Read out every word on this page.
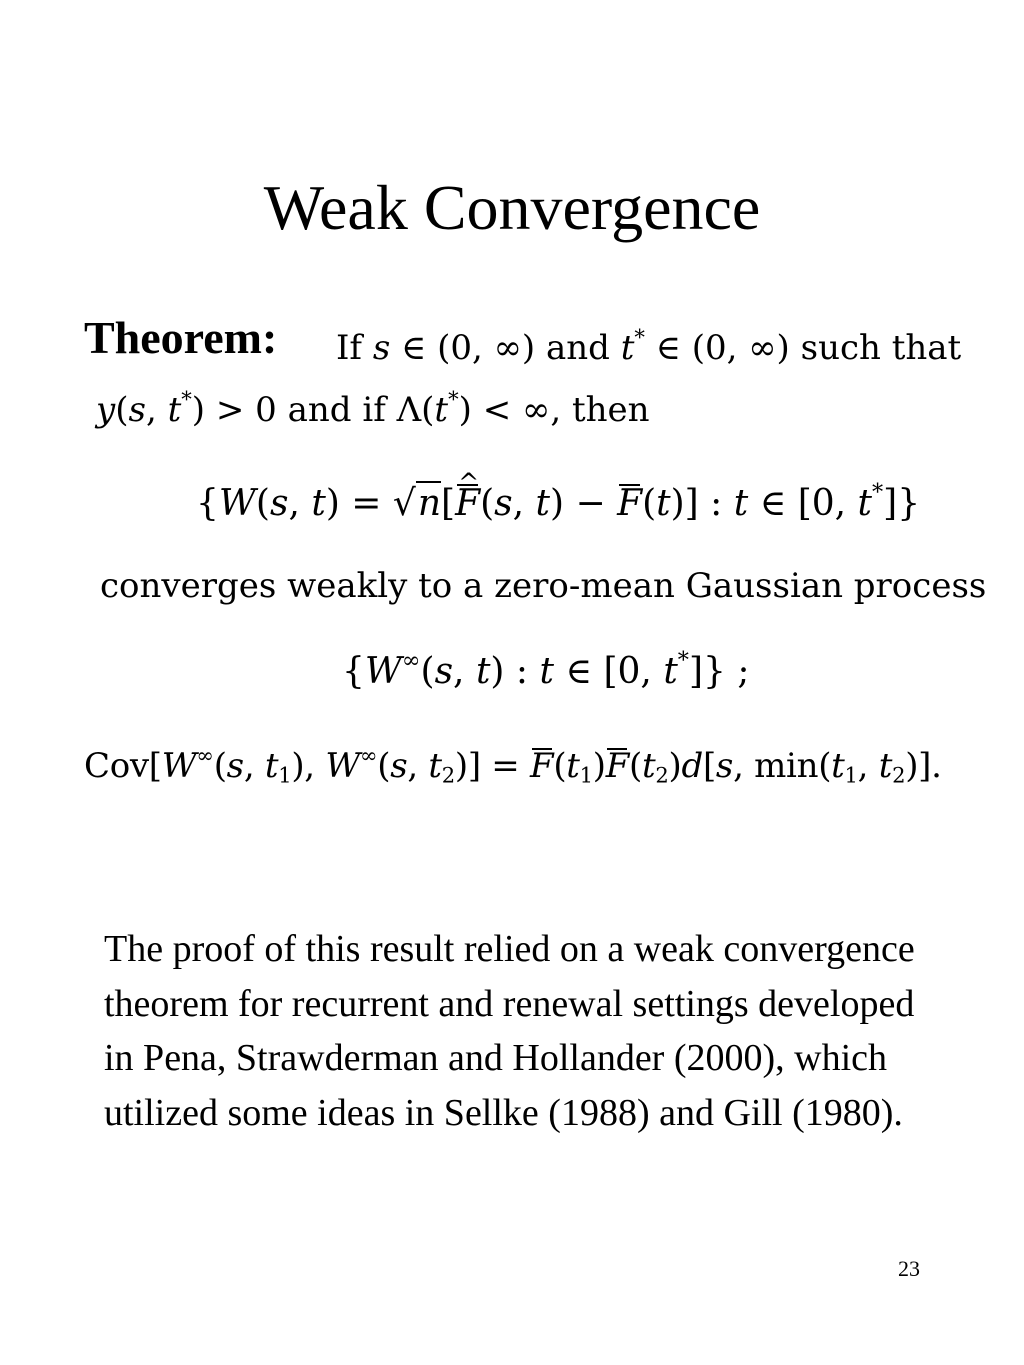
Weak Convergence
Theorem: If s ∈ (0, ∞) and t* ∈ (0, ∞) such that
y(s, t*) > 0 and if Λ(t*) < ∞, then
{W(s, t) = √n[F ^(s, t) − F(t)] : t ∈ [0, t*]}
converges weakly to a zero-mean Gaussian process
{W∞(s, t) : t ∈ [0, t*]} ;
Cov[W∞(s, $t_1$), W∞(s, $t_2)] = F(t_1)F(t_2)d[s$, $\min(t_1$, $t_2$)].
The proof of this result relied on a weak convergence theorem for recurrent and renewal settings developed in Pena, Strawderman and Hollander (2000), which utilized some ideas in Sellke (1988) and Gill (1980).
23
